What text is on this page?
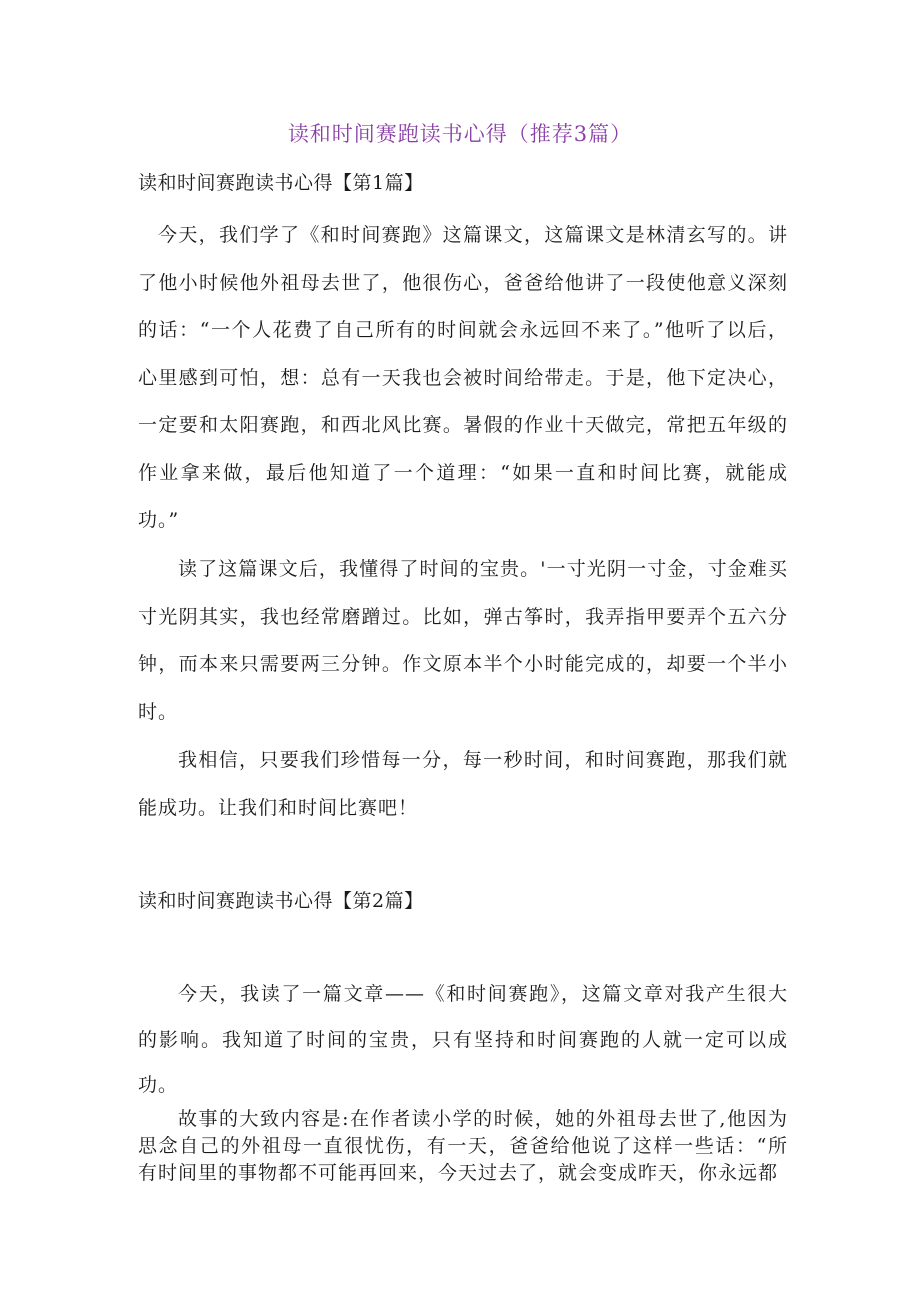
读和时间赛跑读书心得（推荐3篇）
读和时间赛跑读书心得【第1篇】

今天，我们学了《和时间赛跑》这篇课文，这篇课文是林清玄写的。讲了他小时候他外祖母去世了，他很伤心，爸爸给他讲了一段使他意义深刻的话：“一个人花费了自己所有的时间就会永远回不来了。”他听了以后，心里感到可怕，想：总有一天我也会被时间给带走。于是，他下定决心，一定要和太阳赛跑，和西北风比赛。暑假的作业十天做完，常把五年级的作业拿来做，最后他知道了一个道理：“如果一直和时间比赛，就能成功。”

读了这篇课文后，我懂得了时间的宝贵。'一寸光阴一寸金，寸金难买寸光阴其实，我也经常磨蹭过。比如，弹古筝时，我弄指甲要弄个五六分钟，而本来只需要两三分钟。作文原本半个小时能完成的，却要一个半小时。

我相信，只要我们珍惜每一分，每一秒时间，和时间赛跑，那我们就能成功。让我们和时间比赛吧！

读和时间赛跑读书心得【第2篇】

今天，我读了一篇文章——《和时间赛跑》，这篇文章对我产生很大的影响。我知道了时间的宝贵，只有坚持和时间赛跑的人就一定可以成功。

故事的大致内容是:在作者读小学的时候，她的外祖母去世了,他因为思念自己的外祖母一直很忧伤，有一天，爸爸给他说了这样一些话：“所有时间里的事物都不可能再回来，今天过去了，就会变成昨天，你永远都
